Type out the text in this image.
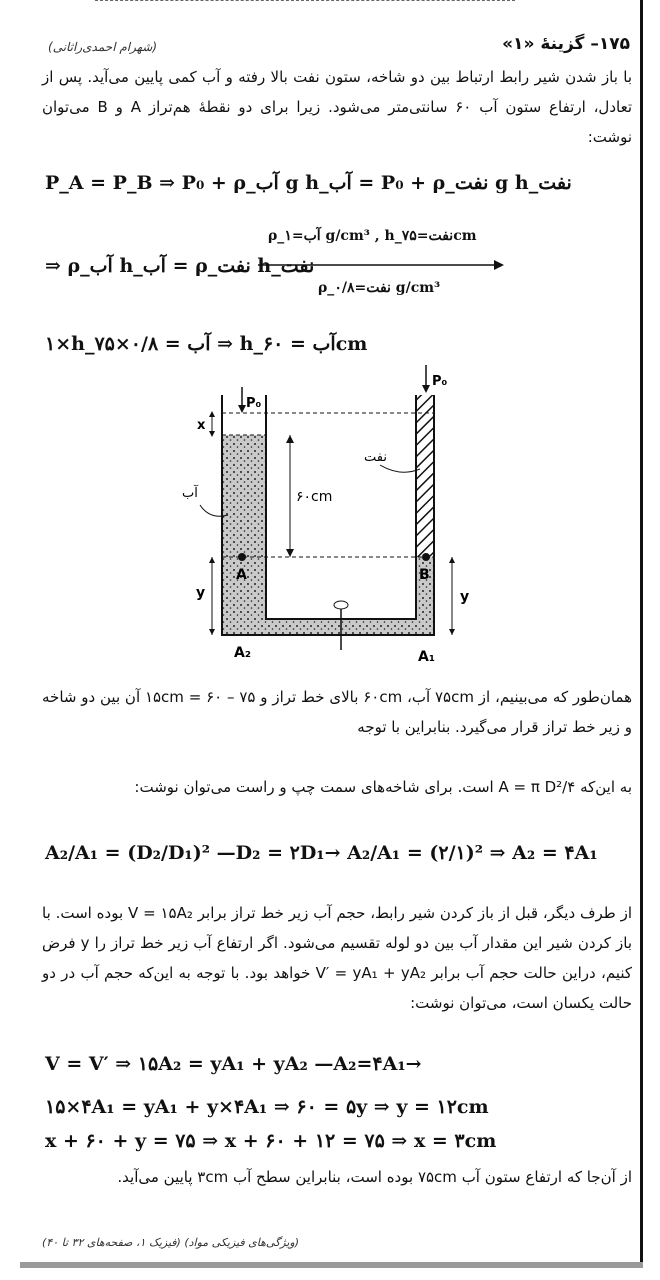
۱۷۵– گزینهٔ «۱»
(شهرام احمدی‌راثانی)
با باز شدن شیر رابط ارتباط بین دو شاخه، ستون نفت بالا رفته و آب کمی پایین می‌آید. پس از تعادل، ارتفاع ستون آب ۶۰ سانتی‌متر می‌شود. زیرا برای دو نقطهٔ هم‌تراز A و B می‌توان نوشت:
P_A = P_B ⇒ P₀ + ρ_آب g h_آب = P₀ + ρ_نفت g h_نفت
⇒ ρ_آب h_آب = ρ_نفت h_نفت
ρ_آب=۱ g/cm³ , h_نفت=۷۵cm
ρ_نفت=۰/۸ g/cm³
۱×h_آب = ۰/۸×۷۵ ⇒ h_آب = ۶۰cm
P₀
P₀
x
y	y
۶۰cm
آب
نفت
A	B
A₂	A₁
همان‌طور که می‌بینیم، از ۷۵cm آب، ۶۰cm بالای خط تراز و ۱۵cm = ۶۰ – ۷۵ آن بین دو شاخه و زیر خط تراز قرار می‌گیرد. بنابراین با توجه
به این‌که A = π D²/۴ است. برای شاخه‌های سمت چپ و راست می‌توان نوشت:
A₂/A₁ = (D₂/D₁)² —D₂ = ۲D₁→ A₂/A₁ = (۲/۱)² ⇒ A₂ = ۴A₁
از طرف دیگر، قبل از باز کردن شیر رابط، حجم آب زیر خط تراز برابر V = ۱۵A₂ بوده است. با باز کردن شیر این مقدار آب بین دو لوله تقسیم می‌شود. اگر ارتفاع آب زیر خط تراز را y فرض کنیم، دراین حالت حجم آب برابر V′ = yA₁ + yA₂ خواهد بود. با توجه به این‌که حجم آب در دو حالت یکسان است، می‌توان نوشت:
V = V′ ⇒ ۱۵A₂ = yA₁ + yA₂ —A₂=۴A₁→
۱۵×۴A₁ = yA₁ + y×۴A₁ ⇒ ۶۰ = ۵y ⇒ y = ۱۲cm
x + ۶۰ + y = ۷۵ ⇒ x + ۶۰ + ۱۲ = ۷۵ ⇒ x = ۳cm
از آن‌جا که ارتفاع ستون آب ۷۵cm بوده است، بنابراین سطح آب ۳cm پایین می‌آید.
(ویژگی‌های فیزیکی مواد) (فیزیک ۱، صفحه‌های ۳۲ تا ۴۰)
